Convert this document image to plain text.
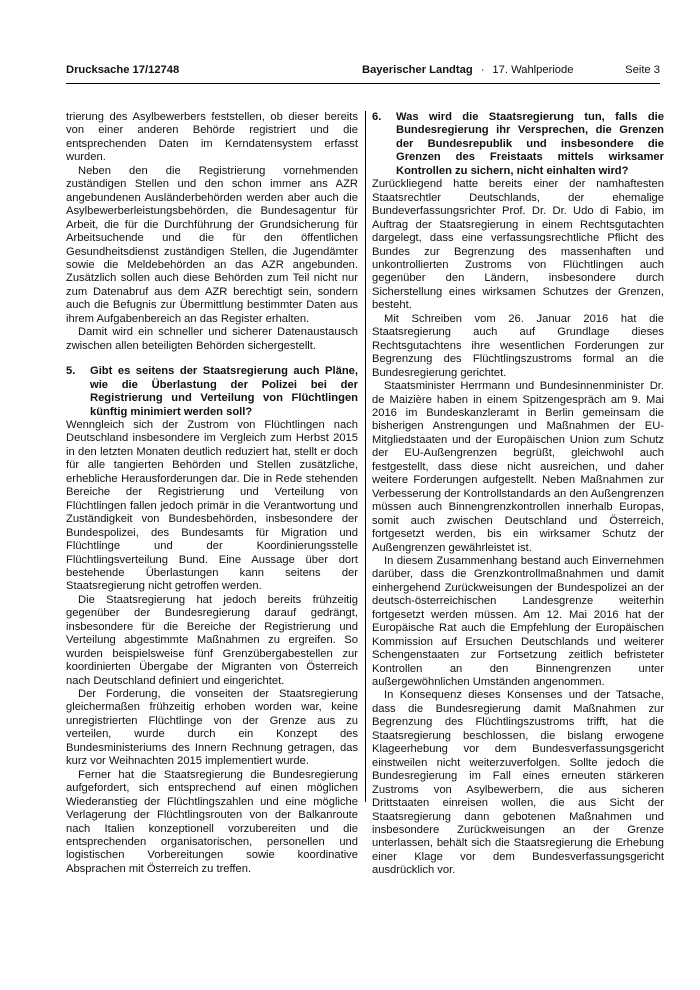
Drucksache 17/12748	Bayerischer Landtag · 17. Wahlperiode	Seite 3

trierung des Asylbewerbers feststellen, ob dieser bereits von einer anderen Behörde registriert und die entsprechenden Daten im Kerndatensystem erfasst wurden.

Neben den die Registrierung vornehmenden zuständigen Stellen und den schon immer ans AZR angebundenen Ausländerbehörden werden aber auch die Asylbewerberleistungsbehörden, die Bundesagentur für Arbeit, die für die Durchführung der Grundsicherung für Arbeitsuchende und die für den öffentlichen Gesundheitsdienst zuständigen Stellen, die Jugendämter sowie die Meldebehörden an das AZR angebunden. Zusätzlich sollen auch diese Behörden zum Teil nicht nur zum Datenabruf aus dem AZR berechtigt sein, sondern auch die Befugnis zur Übermittlung bestimmter Daten aus ihrem Aufgabenbereich an das Register erhalten.

Damit wird ein schneller und sicherer Datenaustausch zwischen allen beteiligten Behörden sichergestellt.

5.	Gibt es seitens der Staatsregierung auch Pläne, wie die Überlastung der Polizei bei der Registrierung und Verteilung von Flüchtlingen künftig minimiert werden soll?

Wenngleich sich der Zustrom von Flüchtlingen nach Deutschland insbesondere im Vergleich zum Herbst 2015 in den letzten Monaten deutlich reduziert hat, stellt er doch für alle tangierten Behörden und Stellen zusätzliche, erhebliche Herausforderungen dar. Die in Rede stehenden Bereiche der Registrierung und Verteilung von Flüchtlingen fallen jedoch primär in die Verantwortung und Zuständigkeit von Bundesbehörden, insbesondere der Bundespolizei, des Bundesamts für Migration und Flüchtlinge und der Koordinierungsstelle Flüchtlingsverteilung Bund. Eine Aussage über dort bestehende Überlastungen kann seitens der Staatsregierung nicht getroffen werden.

Die Staatsregierung hat jedoch bereits frühzeitig gegenüber der Bundesregierung darauf gedrängt, insbesondere für die Bereiche der Registrierung und Verteilung abgestimmte Maßnahmen zu ergreifen. So wurden beispielsweise fünf Grenzübergabestellen zur koordinierten Übergabe der Migranten von Österreich nach Deutschland definiert und eingerichtet.

Der Forderung, die vonseiten der Staatsregierung gleichermaßen frühzeitig erhoben worden war, keine unregistrierten Flüchtlinge von der Grenze aus zu verteilen, wurde durch ein Konzept des Bundesministeriums des Innern Rechnung getragen, das kurz vor Weihnachten 2015 implementiert wurde.

Ferner hat die Staatsregierung die Bundesregierung aufgefordert, sich entsprechend auf einen möglichen Wiederanstieg der Flüchtlingszahlen und eine mögliche Verlagerung der Flüchtlingsrouten von der Balkanroute nach Italien konzeptionell vorzubereiten und die entsprechenden organisatorischen, personellen und logistischen Vorbereitungen sowie koordinative Absprachen mit Österreich zu treffen.

6.	Was wird die Staatsregierung tun, falls die Bundesregierung ihr Versprechen, die Grenzen der Bundesrepublik und insbesondere die Grenzen des Freistaats mittels wirksamer Kontrollen zu sichern, nicht einhalten wird?

Zurückliegend hatte bereits einer der namhaftesten Staatsrechtler Deutschlands, der ehemalige Bundeverfassungsrichter Prof. Dr. Dr. Udo di Fabio, im Auftrag der Staatsregierung in einem Rechtsgutachten dargelegt, dass eine verfassungsrechtliche Pflicht des Bundes zur Begrenzung des massenhaften und unkontrollierten Zustroms von Flüchtlingen auch gegenüber den Ländern, insbesondere durch Sicherstellung eines wirksamen Schutzes der Grenzen, besteht.

Mit Schreiben vom 26. Januar 2016 hat die Staatsregierung auch auf Grundlage dieses Rechtsgutachtens ihre wesentlichen Forderungen zur Begrenzung des Flüchtlingszustroms formal an die Bundesregierung gerichtet.

Staatsminister Herrmann und Bundesinnenminister Dr. de Maizière haben in einem Spitzengespräch am 9. Mai 2016 im Bundeskanzleramt in Berlin gemeinsam die bisherigen Anstrengungen und Maßnahmen der EU-Mitgliedstaaten und der Europäischen Union zum Schutz der EU-Außengrenzen begrüßt, gleichwohl auch festgestellt, dass diese nicht ausreichen, und daher weitere Forderungen aufgestellt. Neben Maßnahmen zur Verbesserung der Kontrollstandards an den Außengrenzen müssen auch Binnengrenzkontrollen innerhalb Europas, somit auch zwischen Deutschland und Österreich, fortgesetzt werden, bis ein wirksamer Schutz der Außengrenzen gewährleistet ist.

In diesem Zusammenhang bestand auch Einvernehmen darüber, dass die Grenzkontrollmaßnahmen und damit einhergehend Zurückweisungen der Bundespolizei an der deutsch-österreichischen Landesgrenze weiterhin fortgesetzt werden müssen. Am 12. Mai 2016 hat der Europäische Rat auch die Empfehlung der Europäischen Kommission auf Ersuchen Deutschlands und weiterer Schengenstaaten zur Fortsetzung zeitlich befristeter Kontrollen an den Binnengrenzen unter außergewöhnlichen Umständen angenommen.

In Konsequenz dieses Konsenses und der Tatsache, dass die Bundesregierung damit Maßnahmen zur Begrenzung des Flüchtlingszustroms trifft, hat die Staatsregierung beschlossen, die bislang erwogene Klageerhebung vor dem Bundesverfassungsgericht einstweilen nicht weiterzuverfolgen. Sollte jedoch die Bundesregierung im Fall eines erneuten stärkeren Zustroms von Asylbewerbern, die aus sicheren Drittstaaten einreisen wollen, die aus Sicht der Staatsregierung dann gebotenen Maßnahmen und insbesondere Zurückweisungen an der Grenze unterlassen, behält sich die Staatsregierung die Erhebung einer Klage vor dem Bundesverfassungsgericht ausdrücklich vor.
